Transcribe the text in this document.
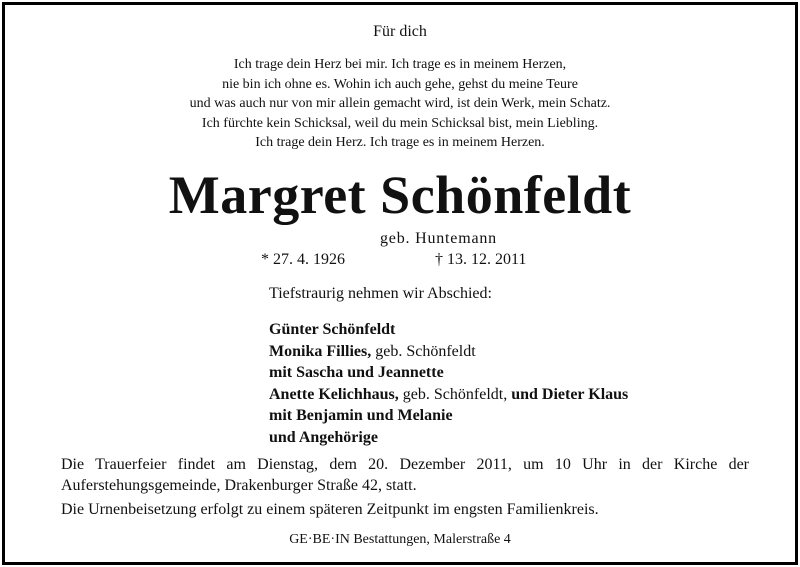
Für dich
Ich trage dein Herz bei mir. Ich trage es in meinem Herzen,
nie bin ich ohne es. Wohin ich auch gehe, gehst du meine Teure
und was auch nur von mir allein gemacht wird, ist dein Werk, mein Schatz.
Ich fürchte kein Schicksal, weil du mein Schicksal bist, mein Liebling.
Ich trage dein Herz. Ich trage es in meinem Herzen.
Margret Schönfeldt
geb. Huntemann
* 27. 4. 1926	† 13. 12. 2011
Tiefstraurig nehmen wir Abschied:
Günter Schönfeldt
Monika Fillies, geb. Schönfeldt
mit Sascha und Jeannette
Anette Kelichhaus, geb. Schönfeldt, und Dieter Klaus
mit Benjamin und Melanie
und Angehörige
Die Trauerfeier findet am Dienstag, dem 20. Dezember 2011, um 10 Uhr in der Kirche der Auferstehungsgemeinde, Drakenburger Straße 42, statt.
Die Urnenbeisetzung erfolgt zu einem späteren Zeitpunkt im engsten Familienkreis.
GE·BE·IN Bestattungen, Malerstraße 4
